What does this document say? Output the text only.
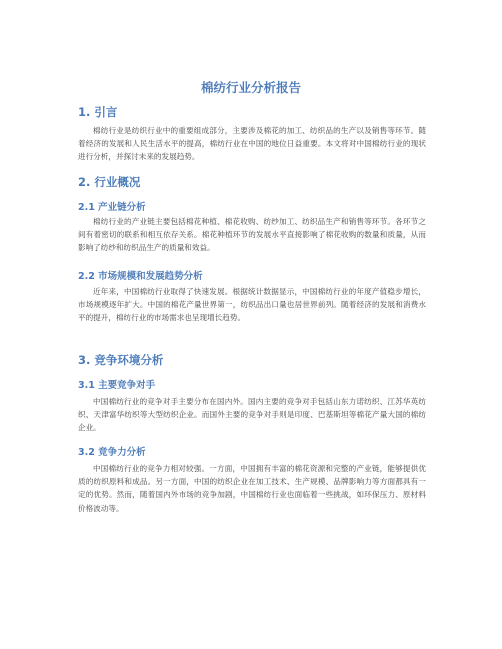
棉纺行业分析报告
1. 引言

棉纺行业是纺织行业中的重要组成部分，主要涉及棉花的加工、纺织品的生产以及销售等环节。随着经济的发展和人民生活水平的提高，棉纺行业在中国的地位日益重要。本文将对中国棉纺行业的现状进行分析，并探讨未来的发展趋势。

2. 行业概况
2.1 产业链分析

棉纺行业的产业链主要包括棉花种植、棉花收购、纺纱加工、纺织品生产和销售等环节。各环节之间有着密切的联系和相互依存关系。棉花种植环节的发展水平直接影响了棉花收购的数量和质量，从而影响了纺纱和纺织品生产的质量和效益。

2.2 市场规模和发展趋势分析

近年来，中国棉纺行业取得了快速发展。根据统计数据显示，中国棉纺行业的年度产值稳步增长，市场规模逐年扩大。中国的棉花产量世界第一，纺织品出口量也居世界前列。随着经济的发展和消费水平的提升，棉纺行业的市场需求也呈现增长趋势。

3. 竞争环境分析
3.1 主要竞争对手

中国棉纺行业的竞争对手主要分布在国内外。国内主要的竞争对手包括山东力诺纺织、江苏华英纺织、天津富华纺织等大型纺织企业。而国外主要的竞争对手则是印度、巴基斯坦等棉花产量大国的棉纺企业。

3.2 竞争力分析

中国棉纺行业的竞争力相对较强。一方面，中国拥有丰富的棉花资源和完整的产业链，能够提供优质的纺织原料和成品。另一方面，中国的纺织企业在加工技术、生产规模、品牌影响力等方面都具有一定的优势。然而，随着国内外市场的竞争加剧，中国棉纺行业也面临着一些挑战，如环保压力、原材料价格波动等。
